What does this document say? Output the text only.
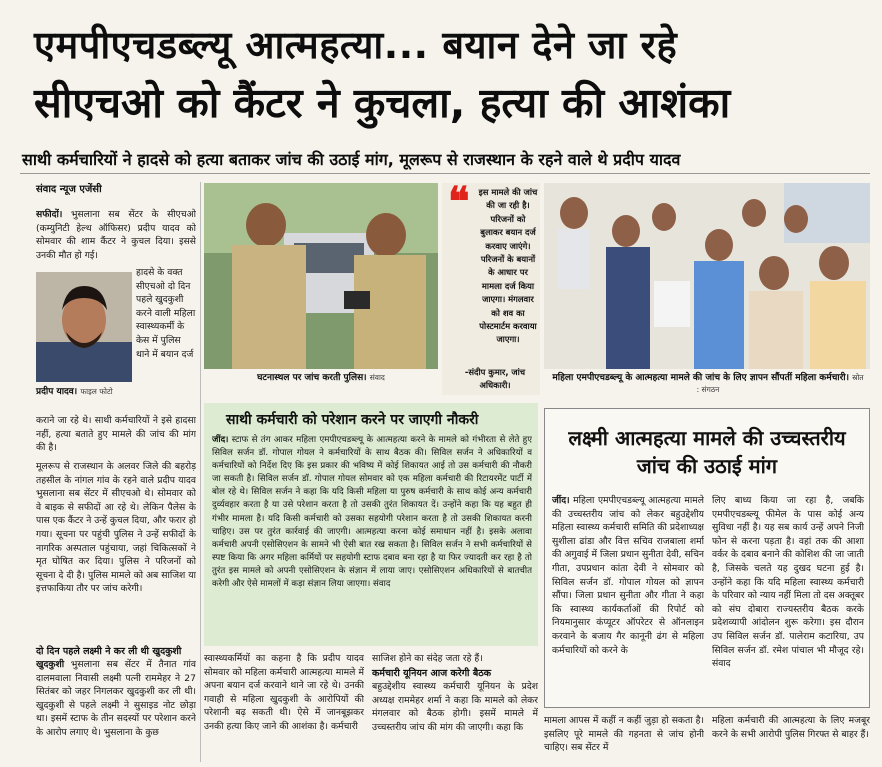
एमपीएचडब्ल्यू आत्महत्या... बयान देने जा रहे
सीएचओ को कैंटर ने कुचला, हत्या की आशंका
साथी कर्मचारियों ने हादसे को हत्या बताकर जांच की उठाई मांग, मूलरूप से राजस्थान के रहने वाले थे प्रदीप यादव
संवाद न्यूज एजेंसी
सफीदों। भुसलाना सब सेंटर के सीएचओ (कम्युनिटी हेल्थ ऑफिसर) प्रदीप यादव को सोमवार की शाम कैंटर ने कुचल दिया। इससे उनकी मौत हो गई।
प्रदीप यादव। फाइल फोटो
हादसे के वक्त सीएचओ दो दिन पहले खुदकुशी करने वाली महिला स्वास्थ्यकर्मी के केस में पुलिस थाने में बयान दर्ज
कराने जा रहे थे। साथी कर्मचारियों ने इसे हादसा नहीं, हत्या बताते हुए मामले की जांच की मांग की है।
मूलरूप से राजस्थान के अलवर जिले की बहरोड़ तहसील के नांगल गांव के रहने वाले प्रदीप यादव भुसलाना सब सेंटर में सीएचओ थे। सोमवार को वे बाइक से सफीदों आ रहे थे। लेकिन पैलेस के पास एक कैंटर ने उन्हें कुचल दिया, और फरार हो गया। सूचना पर पहुंची पुलिस ने उन्हें सफीदों के नागरिक अस्पताल पहुंचाया, जहां चिकित्सकों ने मृत घोषित कर दिया। पुलिस ने परिजनों को सूचना दे दी है। पुलिस मामले को अब साजिश या इत्तफाकिया तौर पर जांच करेगी।
दो दिन पहले लक्ष्मी ने कर ली थी खुदकुशी
खुदकुशी भुसलाना सब सेंटर में तैनात गांव दालमवाला निवासी लक्ष्मी पत्नी राममेहर ने 27 सितंबर को जहर निगलकर खुदकुशी कर ली थी। खुदकुशी से पहले लक्ष्मी ने सुसाइड नोट छोड़ा था। इसमें स्टाफ के तीन सदस्यों पर परेशान करने के आरोप लगाए थे। भुसलाना के कुछ
घटनास्थल पर जांच करती पुलिस। संवाद
❝ इस मामले की जांच की जा रही है। परिजनों को बुलाकर बयान दर्ज करवाए जाएंगे। परिजनों के बयानों के आधार पर मामला दर्ज किया जाएगा। मंगलवार को शव का पोस्टमार्टम करवाया जाएगा।
-संदीप कुमार, जांच अधिकारी।
महिला एमपीएचडब्ल्यू के आत्महत्या मामले की जांच के लिए ज्ञापन सौंपतीं महिला कर्मचारी। स्रोत : संगठन
साथी कर्मचारी को परेशान करने पर जाएगी नौकरी
जींद। स्टाफ से तंग आकर महिला एमपीएचडब्ल्यू के आत्महत्या करने के मामले को गंभीरता से लेते हुए सिविल सर्जन डॉ. गोपाल गोयल ने कर्मचारियों के साथ बैठक की। सिविल सर्जन ने अधिकारियों व कर्मचारियों को निर्देश दिए कि इस प्रकार की भविष्य में कोई शिकायत आई तो उस कर्मचारी की नौकरी जा सकती है। सिविल सर्जन डॉ. गोपाल गोयल सोमवार को एक महिला कर्मचारी की रिटायरमेंट पार्टी में बोल रहे थे। सिविल सर्जन ने कहा कि यदि किसी महिला या पुरुष कर्मचारी के साथ कोई अन्य कर्मचारी दुर्व्यवहार करता है या उसे परेशान करता है तो उसकी तुरंत शिकायत दें। उन्होंने कहा कि यह बहुत ही गंभीर मामला है। यदि किसी कर्मचारी को उसका सहयोगी परेशान करता है तो उसकी शिकायत करनी चाहिए। उस पर तुरंत कार्रवाई की जाएगी। आत्महत्या करना कोई समाधान नहीं है। इसके अलावा कर्मचारी अपनी एसोसिएशन के सामने भी ऐसी बात रख सकता है। सिविल सर्जन ने सभी कर्मचारियों से स्पष्ट किया कि अगर महिला कर्मियों पर सहयोगी स्टाफ दबाव बना रहा है या फिर ज्यादती कर रहा है तो तुरंत इस मामले को अपनी एसोसिएशन के संज्ञान में लाया जाए। एसोसिएशन अधिकारियों से बातचीत करेगी और ऐसे मामलों में कड़ा संज्ञान लिया जाएगा। संवाद
स्वास्थ्यकर्मियों का कहना है कि प्रदीप यादव सोमवार को महिला कर्मचारी आत्महत्या मामले में अपना बयान दर्ज करवाने थाने जा रहे थे। उनकी गवाही से महिला खुदकुशी के आरोपियों की परेशानी बढ़ सकती थी। ऐसे में जानबूझकर उनकी हत्या किए जाने की आशंका है। कर्मचारी
साजिश होने का संदेह जता रहे हैं।
कर्मचारी यूनियन आज करेगी बैठक
बहुउद्देशीय स्वास्थ्य कर्मचारी यूनियन के प्रदेश अध्यक्ष राममेहर शर्मा ने कहा कि मामले को लेकर मंगलवार को बैठक होगी। इसमें मामले में उच्चस्तरीय जांच की मांग की जाएगी। कहा कि
लक्ष्मी आत्महत्या मामले की उच्चस्तरीय जांच की उठाई मांग
जींद। महिला एमपीएचडब्ल्यू आत्महत्या मामले की उच्चस्तरीय जांच को लेकर बहुउद्देशीय महिला स्वास्थ्य कर्मचारी समिति की प्रदेशाध्यक्ष सुशीला ढांडा और वित्त सचिव राजबाला शर्मा की अगुवाई में जिला प्रधान सुनीता देवी, सचिन गीता, उपप्रधान कांता देवी ने सोमवार को सिविल सर्जन डॉ. गोपाल गोयल को ज्ञापन सौंपा। जिला प्रधान सुनीता और गीता ने कहा कि स्वास्थ्य कार्यकर्ताओं की रिपोर्ट को नियमानुसार कंप्यूटर ऑपरेटर से ऑनलाइन करवाने के बजाय गैर कानूनी ढंग से महिला कर्मचारियों को करने के
लिए बाध्य किया जा रहा है, जबकि एमपीएचडब्ल्यू फीमेल के पास कोई अन्य सुविधा नहीं है। यह सब कार्य उन्हें अपने निजी फोन से करना पड़ता है। वहां तक की आशा वर्कर के दबाव बनाने की कोशिश की जा जाती है, जिसके चलते यह दुखद घटना हुई है। उन्होंने कहा कि यदि महिला स्वास्थ्य कर्मचारी के परिवार को न्याय नहीं मिला तो दस अक्तूबर को संघ दोबारा राज्यस्तरीय बैठक करके प्रदेशव्यापी आंदोलन शुरू करेगा। इस दौरान उप सिविल सर्जन डॉ. पालेराम कटारिया, उप सिविल सर्जन डॉ. रमेश पांचाल भी मौजूद रहे। संवाद
मामला आपस में कहीं न कहीं जुड़ा हो सकता है। इसलिए पूरे मामले की गहनता से जांच होनी चाहिए। सब सेंटर में
महिला कर्मचारी की आत्महत्या के लिए मजबूर करने के सभी आरोपी पुलिस गिरफ्त से बाहर हैं।
